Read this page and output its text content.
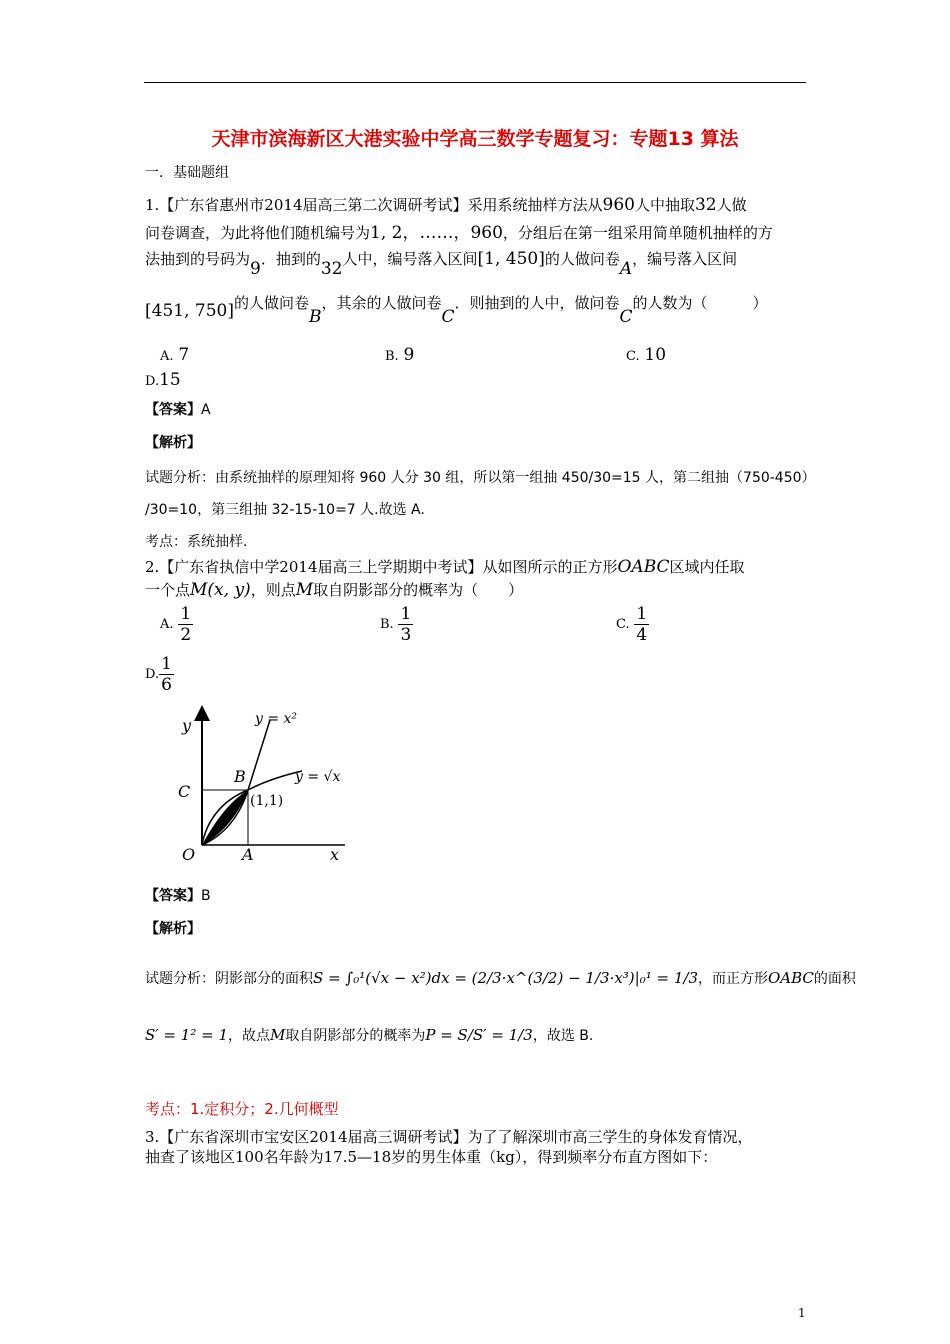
天津市滨海新区大港实验中学高三数学专题复习：专题13 算法
一．基础题组
1.【广东省惠州市2014届高三第二次调研考试】采用系统抽样方法从960人中抽取32人做
问卷调查，为此将他们随机编号为1, 2，……，960，分组后在第一组采用简单随机抽样的方
法抽到的号码为9．抽到的32人中，编号落入区间[1, 450]的人做问卷A，编号落入区间
[451, 750]的人做问卷B，其余的人做问卷C．则抽到的人中，做问卷C的人数为（　　　）
A. 7	B. 9	C. 10
D.15
【答案】A
【解析】
试题分析：由系统抽样的原理知将 960 人分 30 组，所以第一组抽 450/30=15 人，第二组抽（750-450）
/30=10，第三组抽 32-15-10=7 人.故选 A.
考点：系统抽样.
2.【广东省执信中学2014届高三上学期期中考试】从如图所示的正方形OABC区域内任取
一个点M(x, y)，则点M取自阴影部分的概率为（　　）
A. $\frac{1}{2}$	B. $\frac{1}{3}$	C. $\frac{1}{4}$
D. $\frac{1}{6}$
y
x
O	A
B
C	(1,1)
y = x²
y = √x
【答案】B
【解析】
试题分析：阴影部分的面积S = ∫₀¹(√x − x²)dx = (2/3·x^(3/2) − 1/3·x³)|₀¹ = 1/3，而正方形OABC的面积
S′ = 1² = 1，故点M取自阴影部分的概率为P = S/S′ = 1/3，故选 B.
考点：1.定积分；2.几何概型
3.【广东省深圳市宝安区2014届高三调研考试】为了了解深圳市高三学生的身体发育情况，
抽查了该地区100名年龄为17.5—18岁的男生体重（kg），得到频率分布直方图如下：
1
